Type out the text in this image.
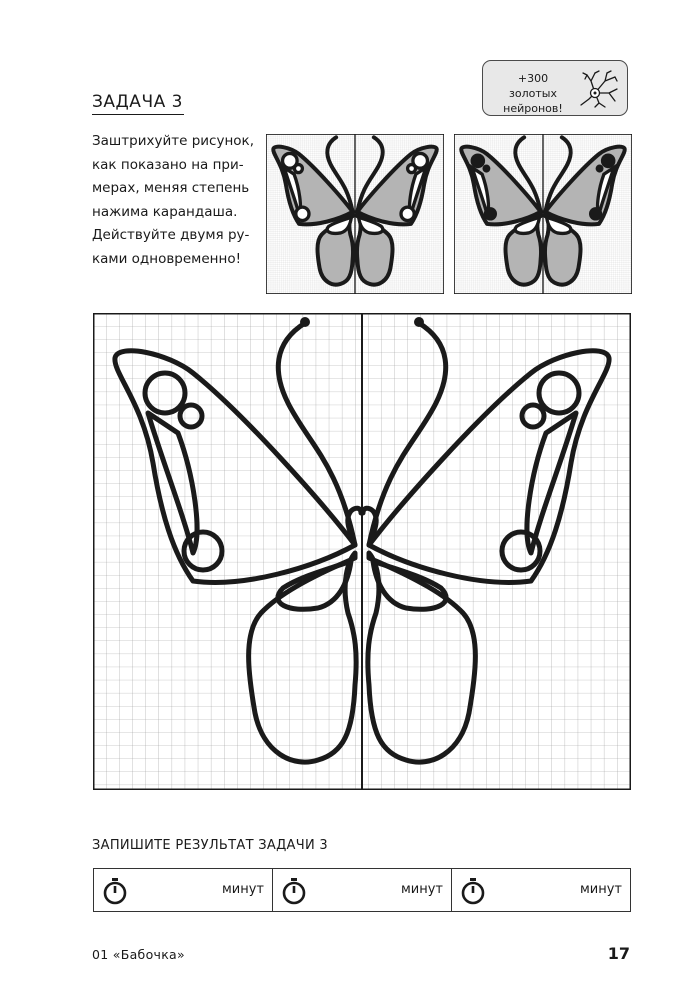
ЗАДАЧА 3
+300 золотых
нейронов!
Заштрихуйте рисунок,
как показано на при-
мерах, меняя степень
нажима карандаша.
Действуйте двумя ру-
ками одновременно!
ЗАПИШИТЕ РЕЗУЛЬТАТ ЗАДАЧИ 3
минут	минут	минут
01 «Бабочка»	17
